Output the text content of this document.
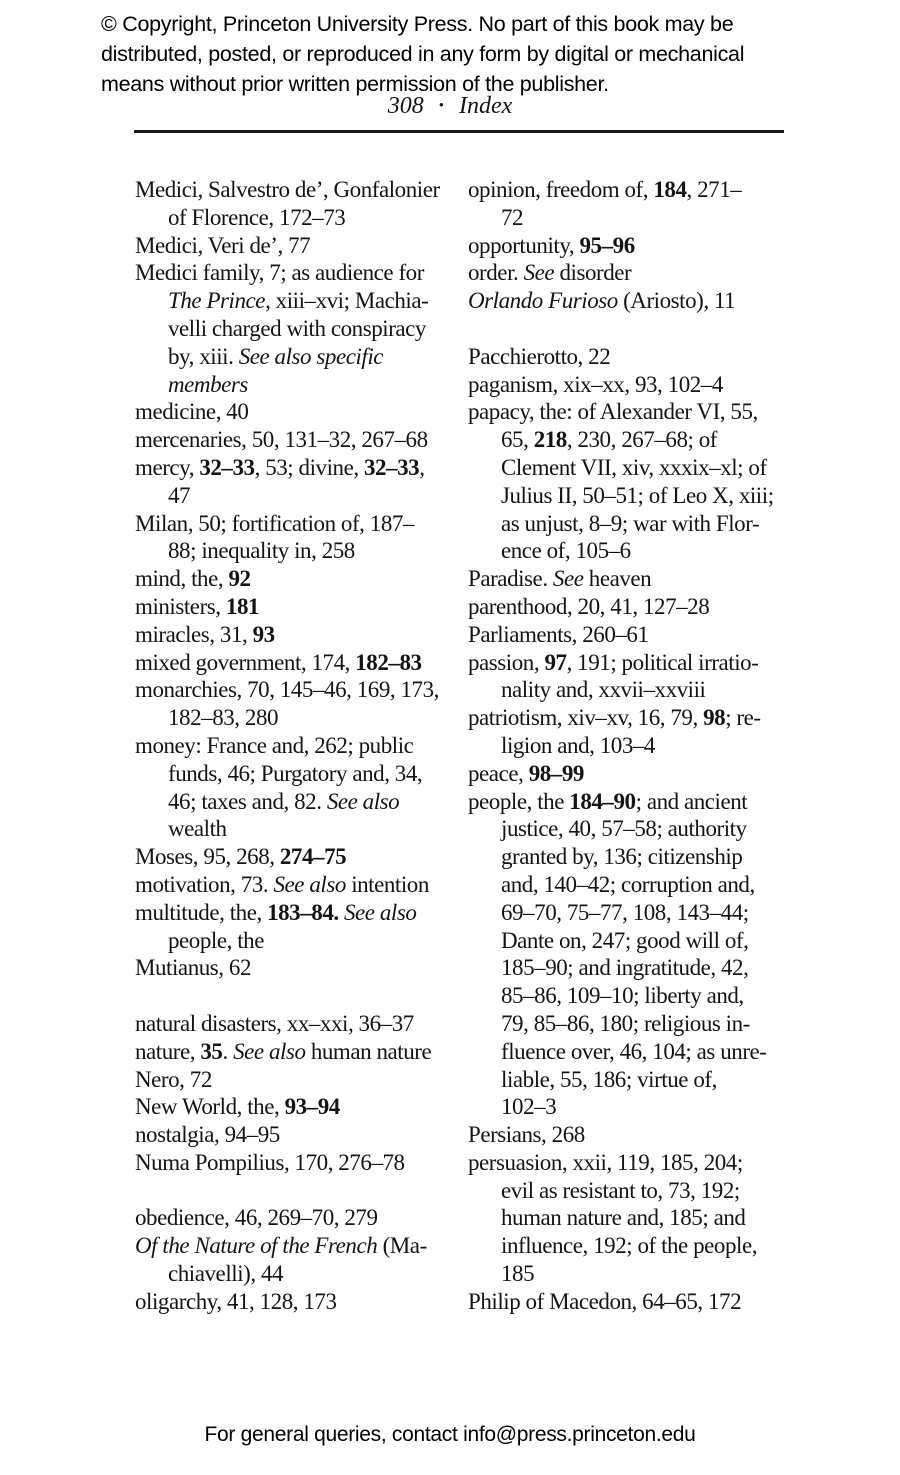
© Copyright, Princeton University Press. No part of this book may be
distributed, posted, or reproduced in any form by digital or mechanical
means without prior written permission of the publisher.
308 • Index
Medici, Salvestro de’, Gonfalonier
of Florence, 172–73
Medici, Veri de’, 77
Medici family, 7; as audience for
The Prince, xiii–xvi; Machia-
velli charged with conspiracy
by, xiii. See also specific
members
medicine, 40
mercenaries, 50, 131–32, 267–68
mercy, 32–33, 53; divine, 32–33,
47
Milan, 50; fortification of, 187–
88; inequality in, 258
mind, the, 92
ministers, 181
miracles, 31, 93
mixed government, 174, 182–83
monarchies, 70, 145–46, 169, 173,
182–83, 280
money: France and, 262; public
funds, 46; Purgatory and, 34,
46; taxes and, 82. See also
wealth
Moses, 95, 268, 274–75
motivation, 73. See also intention
multitude, the, 183–84. See also
people, the
Mutianus, 62

natural disasters, xx–xxi, 36–37
nature, 35. See also human nature
Nero, 72
New World, the, 93–94
nostalgia, 94–95
Numa Pompilius, 170, 276–78

obedience, 46, 269–70, 279
Of the Nature of the French (Ma-
chiavelli), 44
oligarchy, 41, 128, 173
opinion, freedom of, 184, 271–
72
opportunity, 95–96
order. See disorder
Orlando Furioso (Ariosto), 11

Pacchierotto, 22
paganism, xix–xx, 93, 102–4
papacy, the: of Alexander VI, 55,
65, 218, 230, 267–68; of
Clement VII, xiv, xxxix–xl; of
Julius II, 50–51; of Leo X, xiii;
as unjust, 8–9; war with Flor-
ence of, 105–6
Paradise. See heaven
parenthood, 20, 41, 127–28
Parliaments, 260–61
passion, 97, 191; political irratio-
nality and, xxvii–xxviii
patriotism, xiv–xv, 16, 79, 98; re-
ligion and, 103–4
peace, 98–99
people, the 184–90; and ancient
justice, 40, 57–58; authority
granted by, 136; citizenship
and, 140–42; corruption and,
69–70, 75–77, 108, 143–44;
Dante on, 247; good will of,
185–90; and ingratitude, 42,
85–86, 109–10; liberty and,
79, 85–86, 180; religious in-
fluence over, 46, 104; as unre-
liable, 55, 186; virtue of,
102–3
Persians, 268
persuasion, xxii, 119, 185, 204;
evil as resistant to, 73, 192;
human nature and, 185; and
influence, 192; of the people,
185
Philip of Macedon, 64–65, 172
For general queries, contact info@press.princeton.edu
